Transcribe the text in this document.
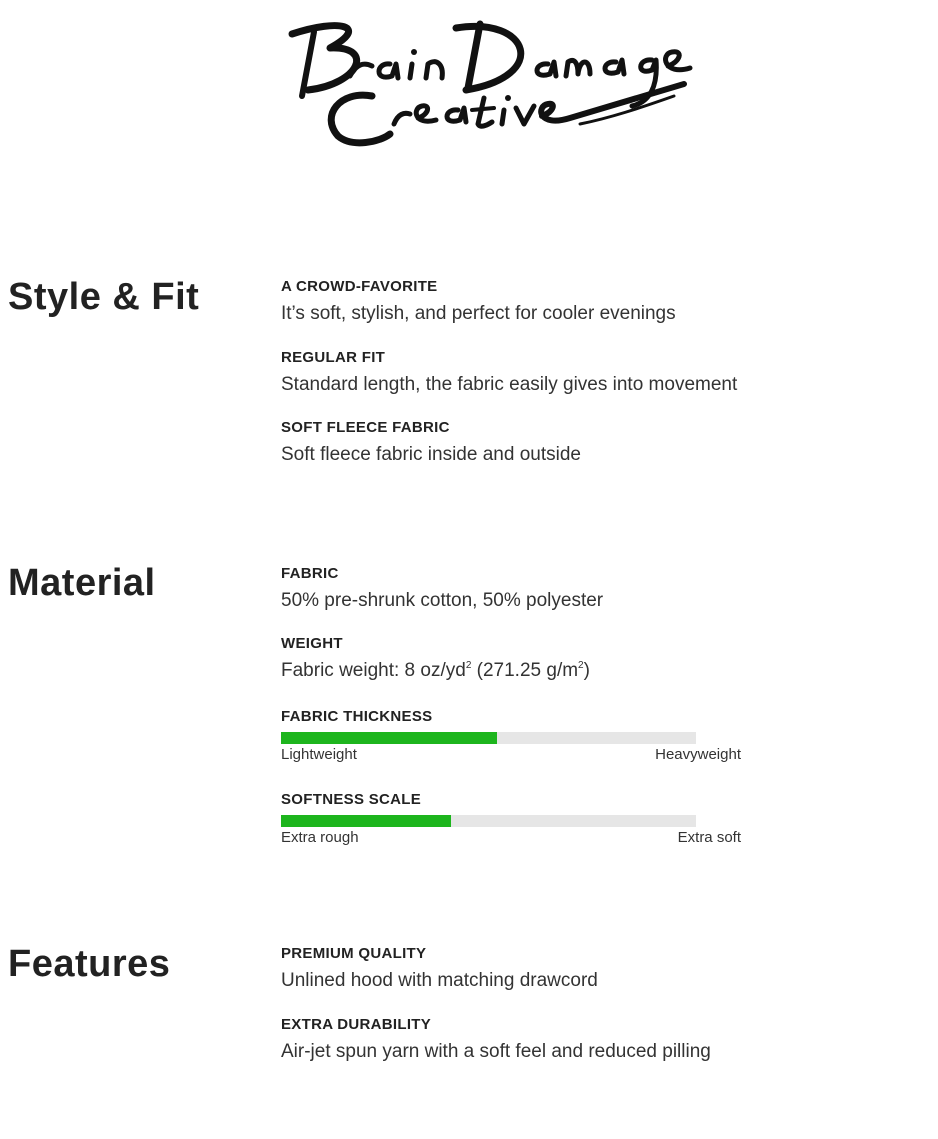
Style & Fit	A CROWD-FAVORITE
It’s soft, stylish, and perfect for cooler evenings
REGULAR FIT
Standard length, the fabric easily gives into movement
SOFT FLEECE FABRIC
Soft fleece fabric inside and outside
Material	FABRIC
50% pre-shrunk cotton, 50% polyester
WEIGHT
Fabric weight: 8 $oz/yd^2$ (271.25 $g/m^2$)
FABRIC THICKNESS
Lightweight	Heavyweight
SOFTNESS SCALE
Extra rough	Extra soft
Features	PREMIUM QUALITY
Unlined hood with matching drawcord
EXTRA DURABILITY
Air-jet spun yarn with a soft feel and reduced pilling
